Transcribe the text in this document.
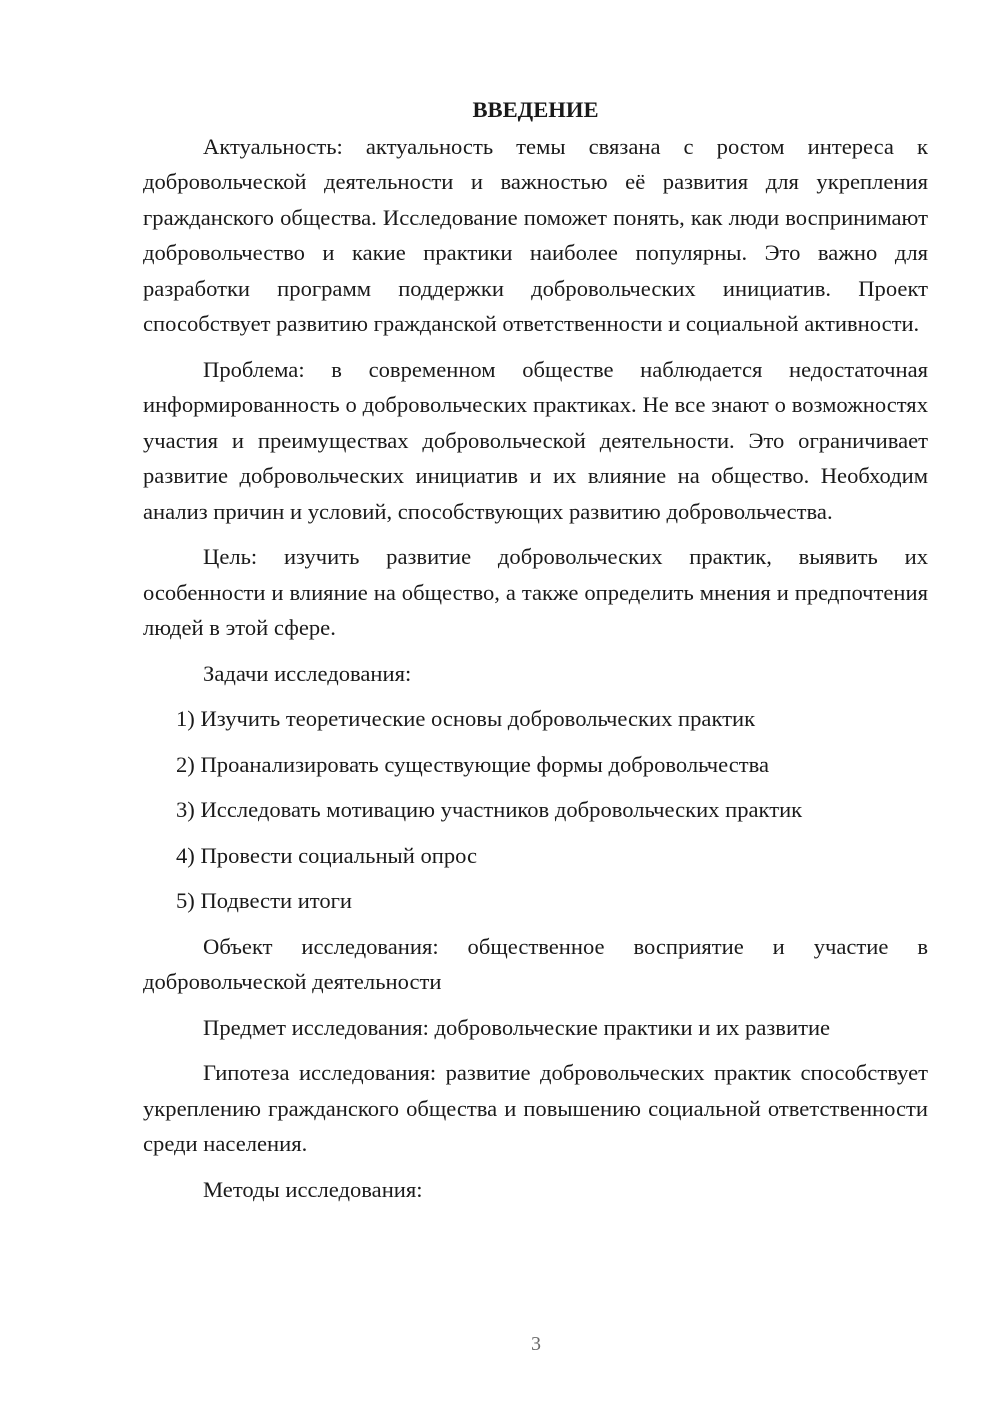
ВВЕДЕНИЕ

Актуальность: актуальность темы связана с ростом интереса к добровольческой деятельности и важностью её развития для укрепления гражданского общества. Исследование поможет понять, как люди воспринимают добровольчество и какие практики наиболее популярны. Это важно для разработки программ поддержки добровольческих инициатив. Проект способствует развитию гражданской ответственности и социальной активности.

Проблема: в современном обществе наблюдается недостаточная информированность о добровольческих практиках. Не все знают о возможностях участия и преимуществах добровольческой деятельности. Это ограничивает развитие добровольческих инициатив и их влияние на общество. Необходим анализ причин и условий, способствующих развитию добровольчества.

Цель: изучить развитие добровольческих практик, выявить их особенности и влияние на общество, а также определить мнения и предпочтения людей в этой сфере.

Задачи исследования:

1) Изучить теоретические основы добровольческих практик
2) Проанализировать существующие формы добровольчества
3) Исследовать мотивацию участников добровольческих практик
4) Провести социальный опрос
5) Подвести итоги

Объект исследования: общественное восприятие и участие в добровольческой деятельности

Предмет исследования: добровольческие практики и их развитие

Гипотеза исследования: развитие добровольческих практик способствует укреплению гражданского общества и повышению социальной ответственности среди населения.

Методы исследования:

3
